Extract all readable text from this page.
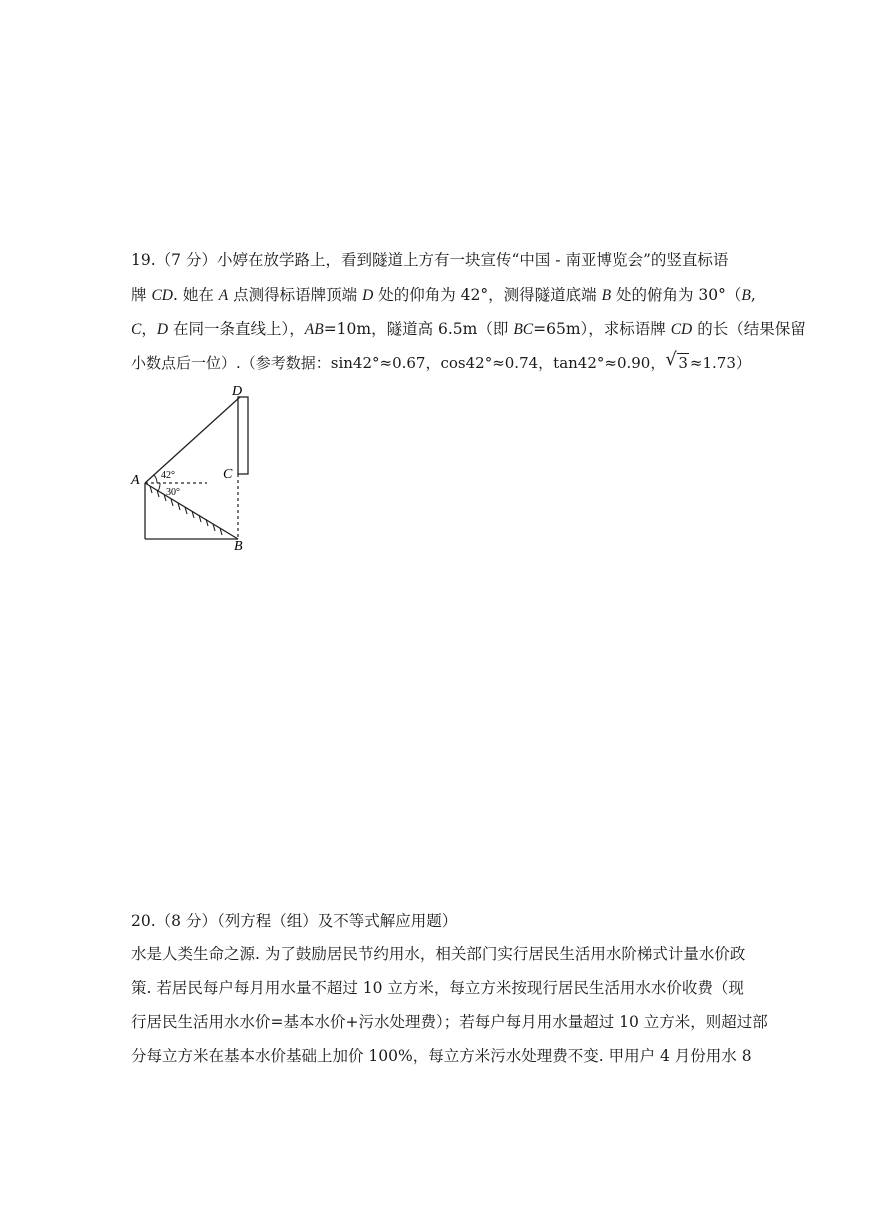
19.（7 分）小婷在放学路上，看到隧道上方有一块宣传“中国 - 南亚博览会”的竖直标语
牌 CD. 她在 A 点测得标语牌顶端 D 处的仰角为 42°，测得隧道底端 B 处的俯角为 30°（B,
C，D 在同一条直线上），AB=10m，隧道高 6.5m（即 BC=65m），求标语牌 CD 的长（结果保留
小数点后一位）.（参考数据：sin42°≈0.67，cos42°≈0.74，tan42°≈0.90， √ 3 ≈1.73）
D
A	C
B
42°
30°
20.（8 分）（列方程（组）及不等式解应用题）
水是人类生命之源. 为了鼓励居民节约用水，相关部门实行居民生活用水阶梯式计量水价政
策. 若居民每户每月用水量不超过 10 立方米，每立方米按现行居民生活用水水价收费（现
行居民生活用水水价=基本水价+污水处理费）；若每户每月用水量超过 10 立方米，则超过部
分每立方米在基本水价基础上加价 100%，每立方米污水处理费不变. 甲用户 4 月份用水 8
